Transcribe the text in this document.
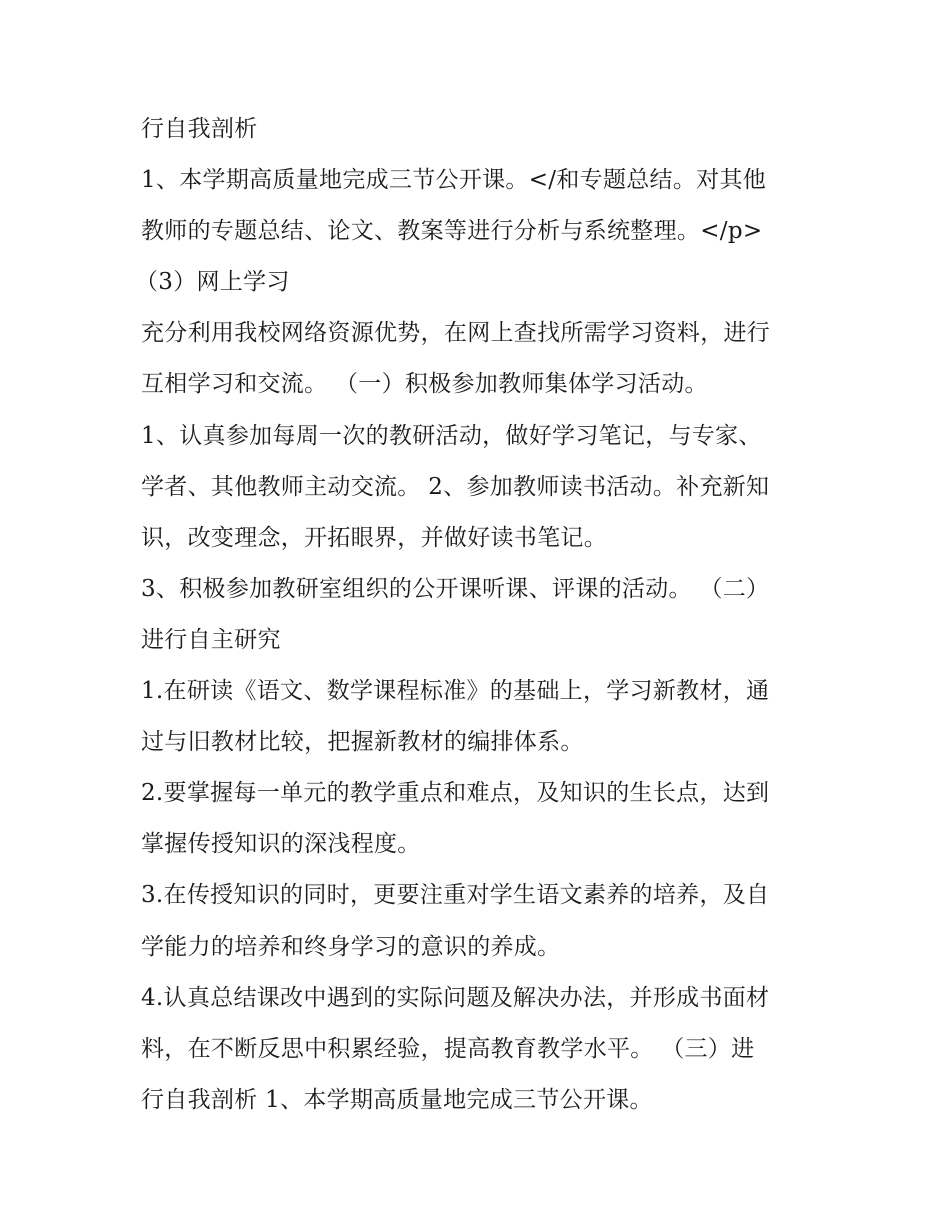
行自我剖析
1、本学期高质量地完成三节公开课。</和专题总结。对其他
教师的专题总结、论文、教案等进行分析与系统整理。</p>
（3）网上学习
充分利用我校网络资源优势，在网上查找所需学习资料，进行
互相学习和交流。 （一）积极参加教师集体学习活动。
1、认真参加每周一次的教研活动，做好学习笔记，与专家、
学者、其他教师主动交流。 2、参加教师读书活动。补充新知
识，改变理念，开拓眼界，并做好读书笔记。
3、积极参加教研室组织的公开课听课、评课的活动。 （二）
进行自主研究
1.在研读《语文、数学课程标准》的基础上，学习新教材，通
过与旧教材比较，把握新教材的编排体系。
2.要掌握每一单元的教学重点和难点，及知识的生长点，达到
掌握传授知识的深浅程度。
3.在传授知识的同时，更要注重对学生语文素养的培养，及自
学能力的培养和终身学习的意识的养成。
4.认真总结课改中遇到的实际问题及解决办法，并形成书面材
料，在不断反思中积累经验，提高教育教学水平。 （三）进
行自我剖析 1、本学期高质量地完成三节公开课。
